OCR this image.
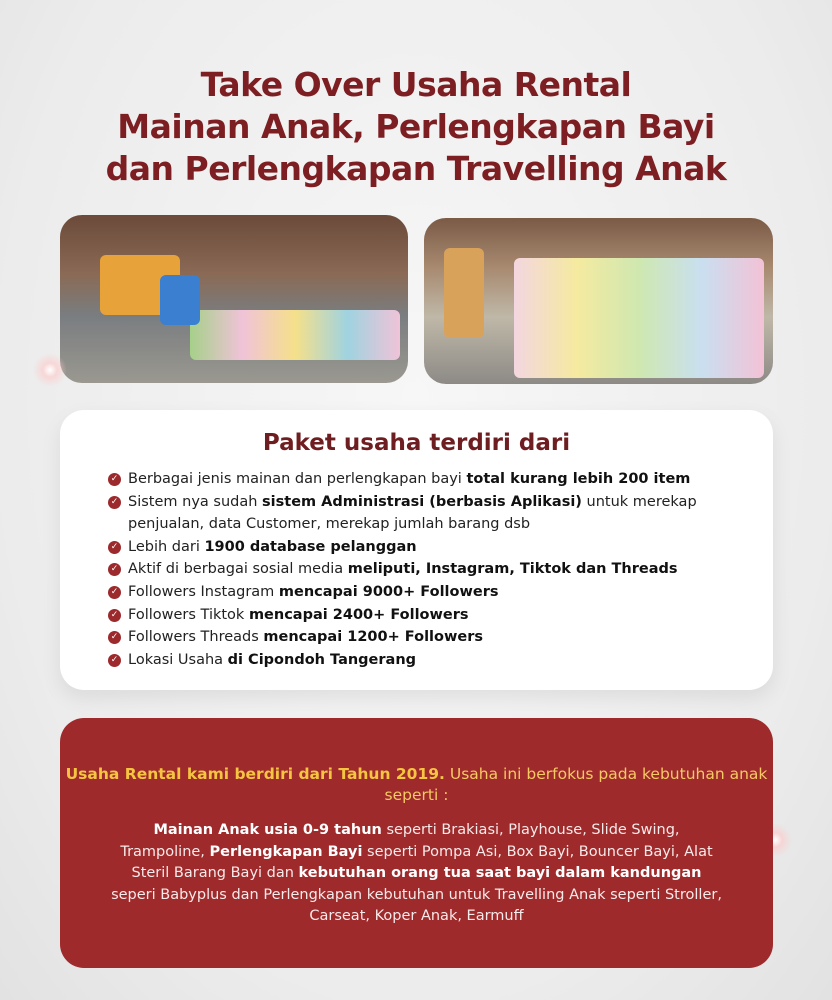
Take Over Usaha Rental
Mainan Anak, Perlengkapan Bayi
dan Perlengkapan Travelling Anak
Paket usaha terdiri dari
✓ Berbagai jenis mainan dan perlengkapan bayi total kurang lebih 200 item
✓ Sistem nya sudah sistem Administrasi (berbasis Aplikasi) untuk merekap penjualan, data Customer, merekap jumlah barang dsb
✓ Lebih dari 1900 database pelanggan
✓ Aktif di berbagai sosial media meliputi, Instagram, Tiktok dan Threads
✓ Followers Instagram mencapai 9000+ Followers
✓ Followers Tiktok mencapai 2400+ Followers
✓ Followers Threads mencapai 1200+ Followers
✓ Lokasi Usaha di Cipondoh Tangerang
Usaha Rental kami berdiri dari Tahun 2019. Usaha ini berfokus pada kebutuhan anak seperti :
Mainan Anak usia 0-9 tahun seperti Brakiasi, Playhouse, Slide Swing, Trampoline, Perlengkapan Bayi seperti Pompa Asi, Box Bayi, Bouncer Bayi, Alat Steril Barang Bayi dan kebutuhan orang tua saat bayi dalam kandungan seperi Babyplus dan Perlengkapan kebutuhan untuk Travelling Anak seperti Stroller, Carseat, Koper Anak, Earmuff
